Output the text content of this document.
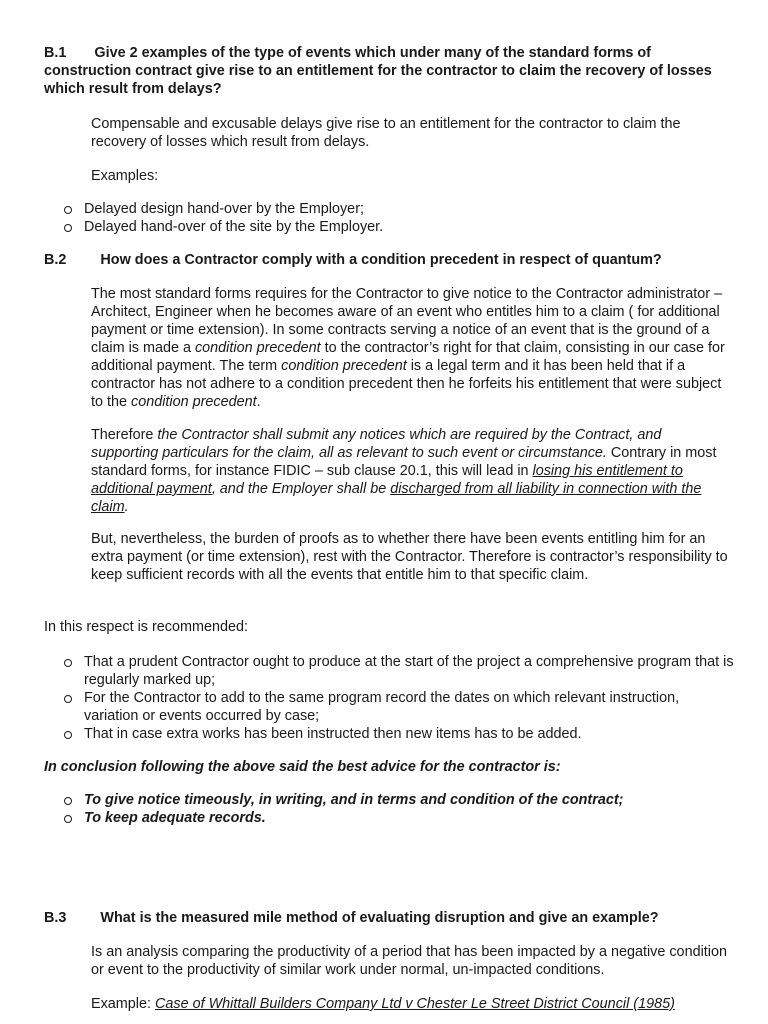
B.1 Give 2 examples of the type of events which under many of the standard forms of construction contract give rise to an entitlement for the contractor to claim the recovery of losses which result from delays?
Compensable and excusable delays give rise to an entitlement for the contractor to claim the recovery of losses which result from delays.
Examples:
Delayed design hand-over by the Employer;
Delayed hand-over of the site by the Employer.
B.2 How does a Contractor comply with a condition precedent in respect of quantum?
The most standard forms requires for the Contractor to give notice to the Contractor administrator – Architect, Engineer when he becomes aware of an event who entitles him to a claim ( for additional payment or time extension). In some contracts serving a notice of an event that is the ground of a claim is made a condition precedent to the contractor’s right for that claim, consisting in our case for additional payment. The term condition precedent is a legal term and it has been held that if a contractor has not adhere to a condition precedent then he forfeits his entitlement that were subject to the condition precedent.
Therefore the Contractor shall submit any notices which are required by the Contract, and supporting particulars for the claim, all as relevant to such event or circumstance. Contrary in most standard forms, for instance FIDIC – sub clause 20.1, this will lead in losing his entitlement to additional payment, and the Employer shall be discharged from all liability in connection with the claim.
But, nevertheless, the burden of proofs as to whether there have been events entitling him for an extra payment (or time extension), rest with the Contractor. Therefore is contractor’s responsibility to keep sufficient records with all the events that entitle him to that specific claim.
In this respect is recommended:
That a prudent Contractor ought to produce at the start of the project a comprehensive program that is regularly marked up;
For the Contractor to add to the same program record the dates on which relevant instruction, variation or events occurred by case;
That in case extra works has been instructed then new items has to be added.
In conclusion following the above said the best advice for the contractor is:
To give notice timeously, in writing, and in terms and condition of the contract;
To keep adequate records.
B.3 What is the measured mile method of evaluating disruption and give an example?
Is an analysis comparing the productivity of a period that has been impacted by a negative condition or event to the productivity of similar work under normal, un-impacted conditions.
Example: Case of Whittall Builders Company Ltd v Chester Le Street District Council (1985)
